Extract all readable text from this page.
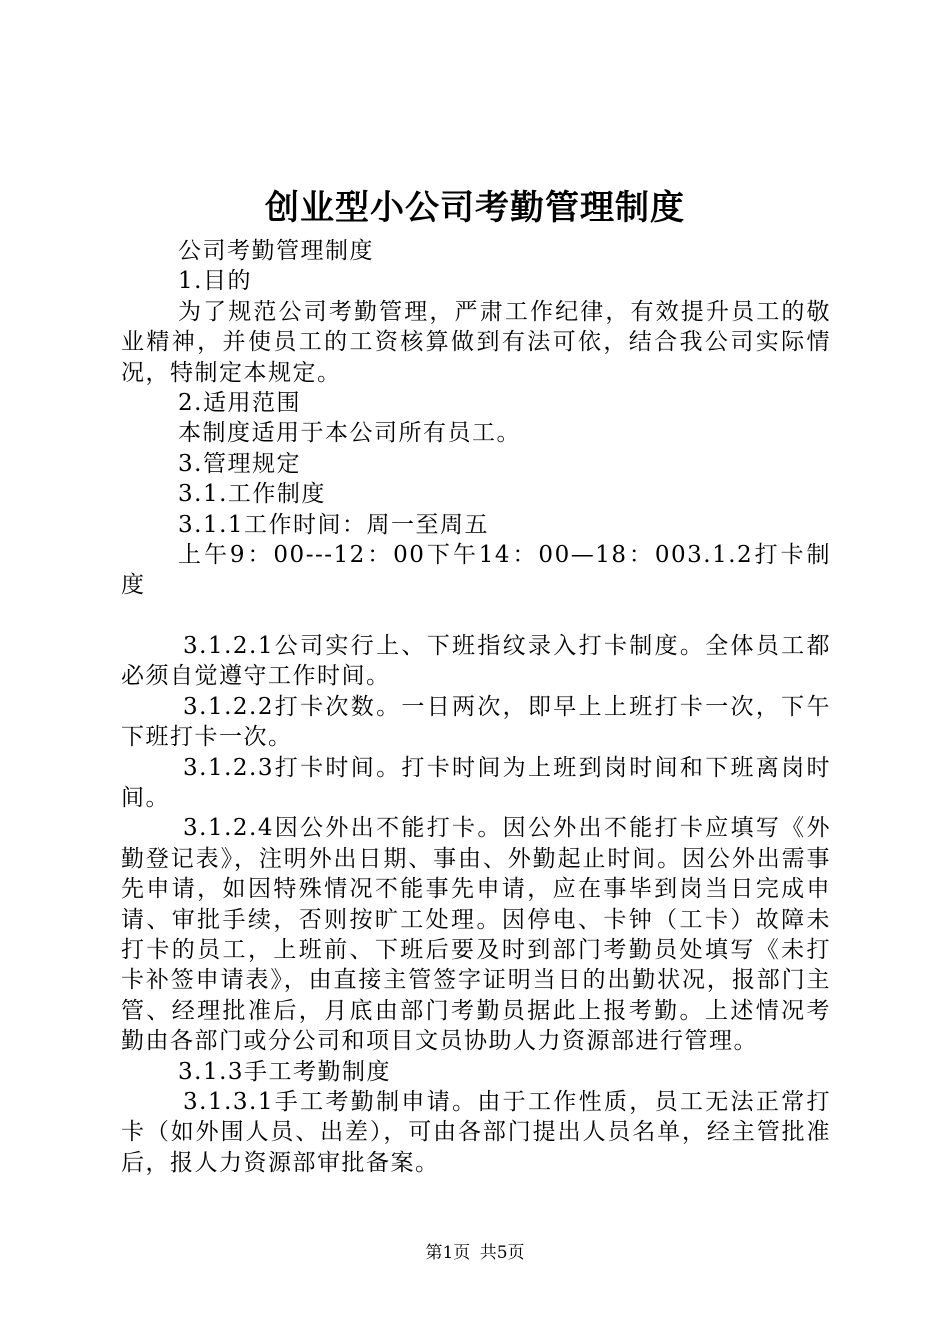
创业型小公司考勤管理制度

公司考勤管理制度

1.目的

为了规范公司考勤管理，严肃工作纪律，有效提升员工的敬业精神，并使员工的工资核算做到有法可依，结合我公司实际情况，特制定本规定。

2.适用范围

本制度适用于本公司所有员工。

3.管理规定

3.1.工作制度

3.1.1工作时间：周一至周五

上午9：00---12：00下午14：00—18：003.1.2打卡制度

3.1.2.1公司实行上、下班指纹录入打卡制度。全体员工都必须自觉遵守工作时间。

3.1.2.2打卡次数。一日两次，即早上上班打卡一次，下午下班打卡一次。

3.1.2.3打卡时间。打卡时间为上班到岗时间和下班离岗时间。

3.1.2.4因公外出不能打卡。因公外出不能打卡应填写《外勤登记表》，注明外出日期、事由、外勤起止时间。因公外出需事先申请，如因特殊情况不能事先申请，应在事毕到岗当日完成申请、审批手续，否则按旷工处理。因停电、卡钟（工卡）故障未打卡的员工，上班前、下班后要及时到部门考勤员处填写《未打卡补签申请表》，由直接主管签字证明当日的出勤状况，报部门主管、经理批准后，月底由部门考勤员据此上报考勤。上述情况考勤由各部门或分公司和项目文员协助人力资源部进行管理。

3.1.3手工考勤制度

3.1.3.1手工考勤制申请。由于工作性质，员工无法正常打卡（如外围人员、出差），可由各部门提出人员名单，经主管批准后，报人力资源部审批备案。

第1页 共5页
